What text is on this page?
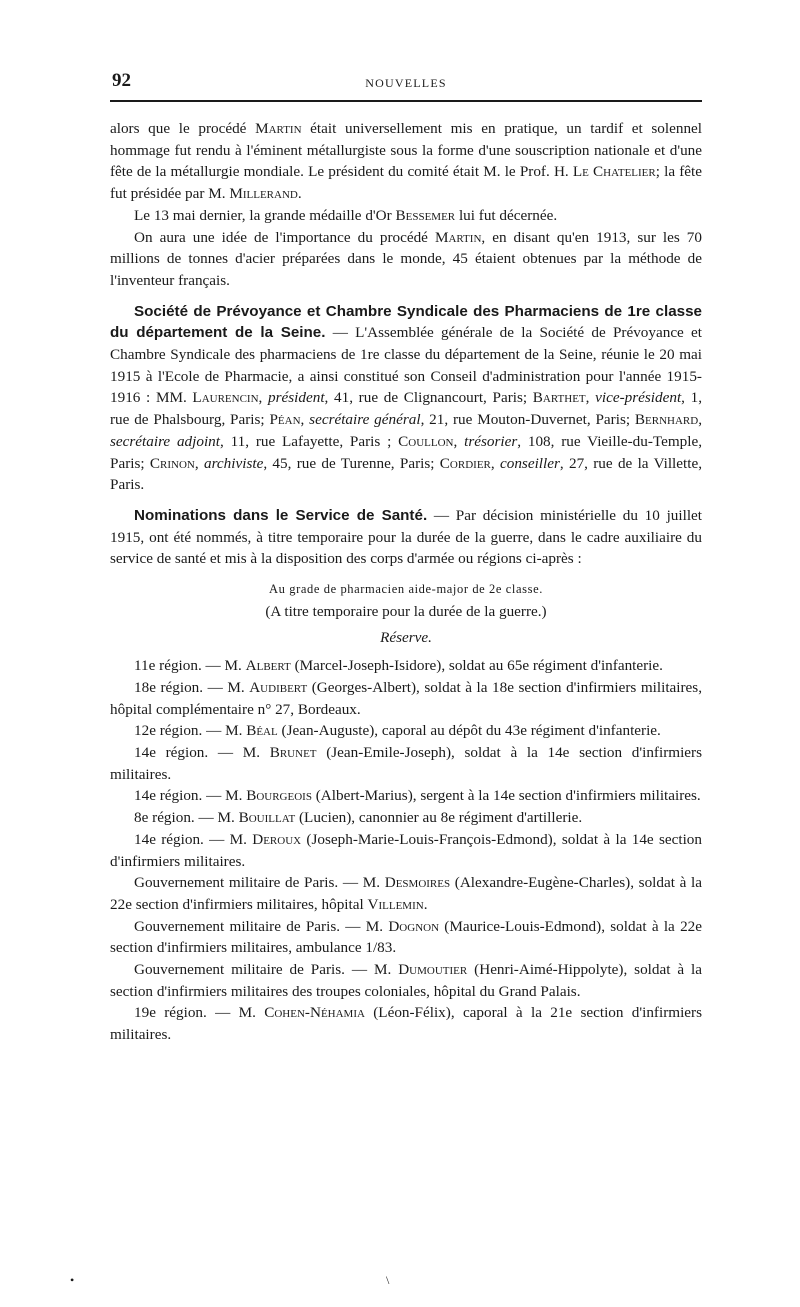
92	NOUVELLES

alors que le procédé Martin était universellement mis en pratique, un tardif et solennel hommage fut rendu à l'éminent métallurgiste sous la forme d'une souscription nationale et d'une fête de la métallurgie mondiale. Le président du comité était M. le Prof. H. Le Chatelier; la fête fut présidée par M. Millerand.

Le 13 mai dernier, la grande médaille d'Or Bessemer lui fut décernée.

On aura une idée de l'importance du procédé Martin, en disant qu'en 1913, sur les 70 millions de tonnes d'acier préparées dans le monde, 45 étaient obtenues par la méthode de l'inventeur français.

Société de Prévoyance et Chambre Syndicale des Pharmaciens de 1re classe du département de la Seine. — L'Assemblée générale de la Société de Prévoyance et Chambre Syndicale des pharmaciens de 1re classe du département de la Seine, réunie le 20 mai 1915 à l'Ecole de Pharmacie, a ainsi constitué son Conseil d'administration pour l'année 1915-1916 : MM. Laurencin, président, 41, rue de Clignancourt, Paris; Barthet, vice-président, 1, rue de Phalsbourg, Paris; Péan, secrétaire général, 21, rue Mouton-Duvernet, Paris; Bernhard, secrétaire adjoint, 11, rue Lafayette, Paris ; Coullon, trésorier, 108, rue Vieille-du-Temple, Paris; Crinon, archiviste, 45, rue de Turenne, Paris; Cordier, conseiller, 27, rue de la Villette, Paris.

Nominations dans le Service de Santé. — Par décision ministérielle du 10 juillet 1915, ont été nommés, à titre temporaire pour la durée de la guerre, dans le cadre auxiliaire du service de santé et mis à la disposition des corps d'armée ou régions ci-après :

Au grade de pharmacien aide-major de 2e classe.

(A titre temporaire pour la durée de la guerre.)

Réserve.

11e région. — M. Albert (Marcel-Joseph-Isidore), soldat au 65e régiment d'infanterie.

18e région. — M. Audibert (Georges-Albert), soldat à la 18e section d'infirmiers militaires, hôpital complémentaire n° 27, Bordeaux.

12e région. — M. Béal (Jean-Auguste), caporal au dépôt du 43e régiment d'infanterie.

14e région. — M. Brunet (Jean-Emile-Joseph), soldat à la 14e section d'infirmiers militaires.

14e région. — M. Bourgeois (Albert-Marius), sergent à la 14e section d'infirmiers militaires.

8e région. — M. Bouillat (Lucien), canonnier au 8e régiment d'artillerie.

14e région. — M. Deroux (Joseph-Marie-Louis-François-Edmond), soldat à la 14e section d'infirmiers militaires.

Gouvernement militaire de Paris. — M. Desmoires (Alexandre-Eugène-Charles), soldat à la 22e section d'infirmiers militaires, hôpital Villemin.

Gouvernement militaire de Paris. — M. Dognon (Maurice-Louis-Edmond), soldat à la 22e section d'infirmiers militaires, ambulance 1/83.

Gouvernement militaire de Paris. — M. Dumoutier (Henri-Aimé-Hippolyte), soldat à la section d'infirmiers militaires des troupes coloniales, hôpital du Grand Palais.

19e région. — M. Cohen-Néhamia (Léon-Félix), caporal à la 21e section d'infirmiers militaires.

•	\
